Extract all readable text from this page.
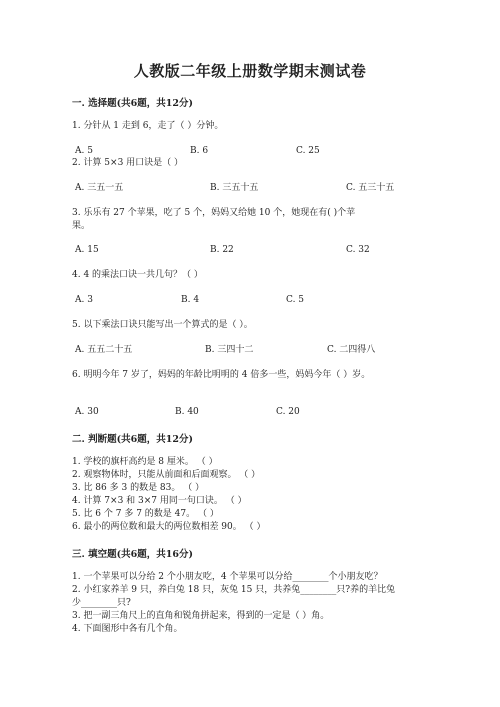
人教版二年级上册数学期末测试卷
一. 选择题(共6题，共12分)
1. 分针从 1 走到 6，走了（ ）分钟。
A. 5	B. 6	C. 25
2. 计算 5×3 用口诀是（ ）
A. 三五一五	B. 三五十五	C. 五三十五
3. 乐乐有 27 个苹果，吃了 5 个，妈妈又给她 10 个，她现在有( )个苹
果。
A. 15	B. 22	C. 32
4. 4 的乘法口诀一共几句？（ ）
A. 3	B. 4	C. 5
5. 以下乘法口诀只能写出一个算式的是（ ）。
A. 五五二十五	B. 三四十二	C. 二四得八
6. 明明今年 7 岁了，妈妈的年龄比明明的 4 倍多一些，妈妈今年（ ）岁。
A. 30	B. 40	C. 20
二. 判断题(共6题，共12分)
1. 学校的旗杆高约是 8 厘米。 （ ）
2. 观察物体时，只能从前面和后面观察。 （ ）
3. 比 86 多 3 的数是 83。 （ ）
4. 计算 7×3 和 3×7 用同一句口诀。 （ ）
5. 比 6 个 7 多 7 的数是 47。 （ ）
6. 最小的两位数和最大的两位数相差 90。 （ ）
三. 填空题(共6题，共16分)
1. 一个苹果可以分给 2 个小朋友吃，4 个苹果可以分给________个小朋友吃？
2. 小红家养羊 9 只，养白兔 18 只，灰兔 15 只，共养兔________只?养的羊比兔
少________只?
3. 把一副三角尺上的直角和锐角拼起来，得到的一定是（ ）角。
4. 下面图形中各有几个角。
